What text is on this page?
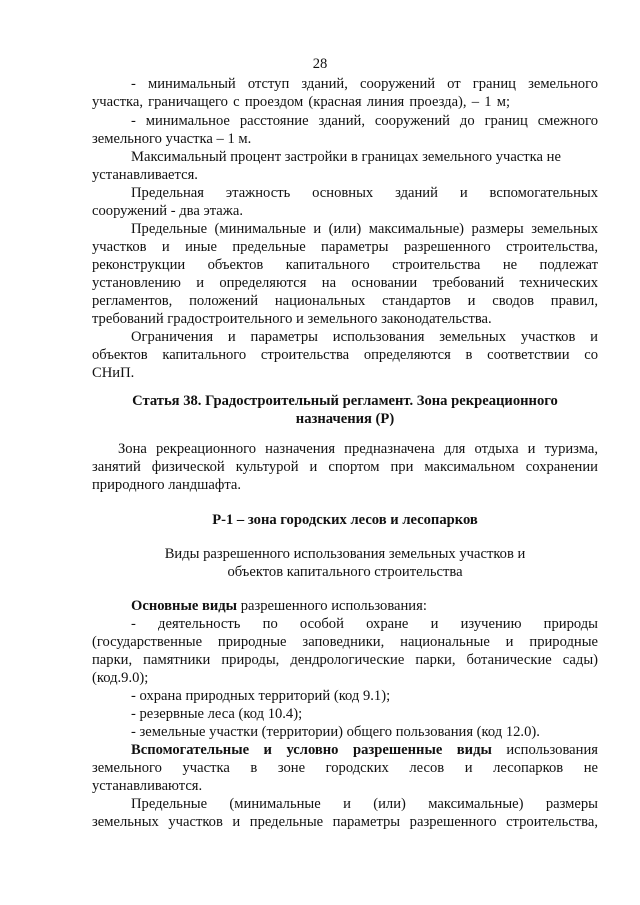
28
- минимальный отступ зданий, сооружений от границ земельного
участка, граничащего с проездом (красная линия проезда), – 1 м;
- минимальное расстояние зданий, сооружений до границ смежного
земельного участка – 1 м.
Максимальный процент застройки в границах земельного участка не
устанавливается.
Предельная этажность основных зданий и вспомогательных
сооружений - два этажа.
Предельные (минимальные и (или) максимальные) размеры земельных
участков и иные предельные параметры разрешенного строительства,
реконструкции объектов капитального строительства не подлежат
установлению и определяются на основании требований технических
регламентов, положений национальных стандартов и сводов правил,
требований градостроительного и земельного законодательства.
Ограничения и параметры использования земельных участков и
объектов капитального строительства определяются в соответствии со
СНиП.
Статья 38. Градостроительный регламент. Зона рекреационного
назначения (Р)
Зона рекреационного назначения предназначена для отдыха и туризма,
занятий физической культурой и спортом при максимальном сохранении
природного ландшафта.
Р-1 – зона городских лесов и лесопарков
Виды разрешенного использования земельных участков и
объектов капитального строительства
Основные виды разрешенного использования:
- деятельность по особой охране и изучению природы
(государственные природные заповедники, национальные и природные
парки, памятники природы, дендрологические парки, ботанические сады)
(код.9.0);
- охрана природных территорий (код 9.1);
- резервные леса (код 10.4);
- земельные участки (территории) общего пользования (код 12.0).
Вспомогательные и условно разрешенные виды использования
земельного участка в зоне городских лесов и лесопарков не
устанавливаются.
Предельные (минимальные и (или) максимальные) размеры
земельных участков и предельные параметры разрешенного строительства,
